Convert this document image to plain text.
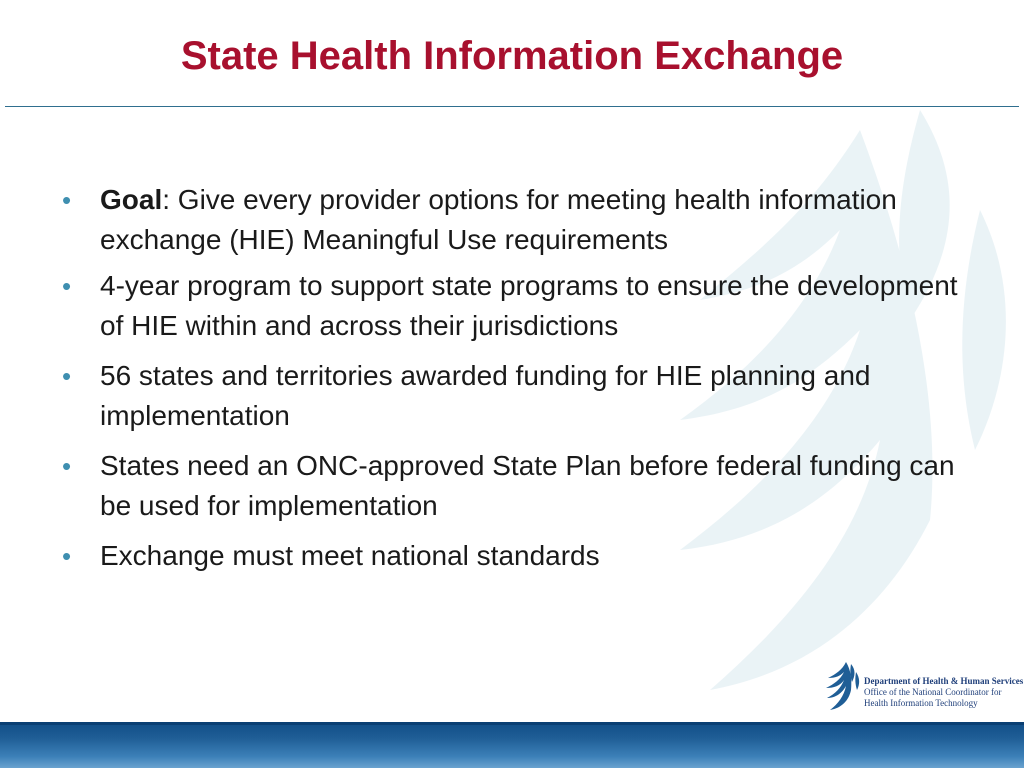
State Health Information Exchange
• Goal: Give every provider options for meeting health information exchange (HIE) Meaningful Use requirements
• 4-year program to support state programs to ensure the development of HIE within and across their jurisdictions
• 56 states and territories awarded funding for HIE planning and implementation
• States need an ONC-approved State Plan before federal funding can be used for implementation
• Exchange must meet national standards
Department of Health & Human Services
Office of the National Coordinator for
Health Information Technology
